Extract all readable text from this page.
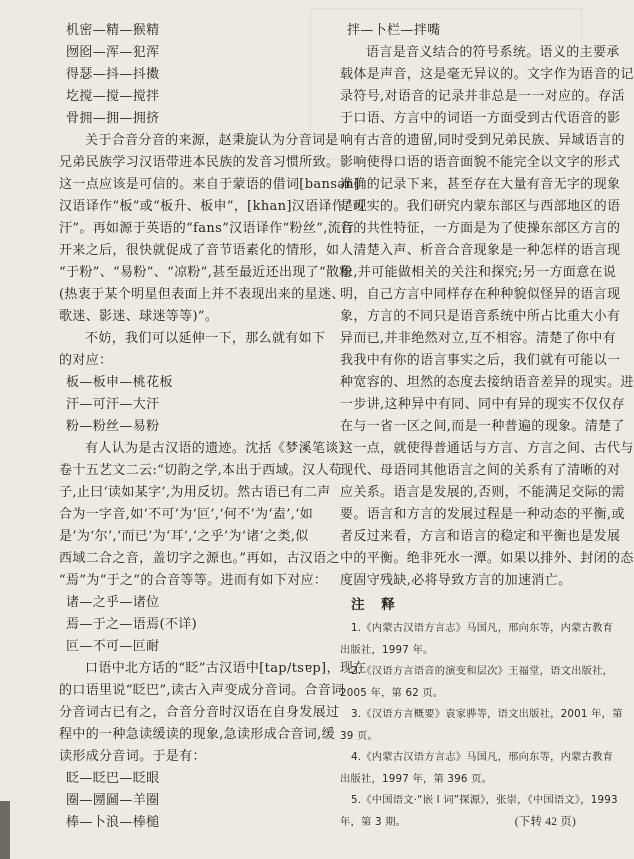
机密—精—猴精
囫囵—浑—犯浑
得瑟—抖—抖擞
圪搅—搅—搅拌
骨拥—拥—拥挤
关于合音分音的来源，赵秉旋认为分音词是
兄弟民族学习汉语带进本民族的发音习惯所致。
这一点应该是可信的。来自于蒙语的借词[bansən]
汉语译作“板”或“板升、板申”，[khan]汉语译作“可
汗”。再如源于英语的“fans”汉语译作“粉丝”,流行
开来之后，很快就促成了音节语素化的情形，如
“于粉”、“易粉”、“凉粉”,甚至最近还出现了“散粉
(热衷于某个明星但表面上并不表现出来的星迷、
歌迷、影迷、球迷等等)”。
不妨，我们可以延伸一下，那么就有如下
的对应：
板—板申—桃花板
汗—可汗—大汗
粉—粉丝—易粉
有人认为是古汉语的遗迹。沈括《梦溪笔谈》
卷十五艺文二云:“切韵之学,本出于西域。汉人苟
子,止曰‘读如某字’,为用反切。然古语已有二声
合为一字音,如‘不可’为‘叵’,‘何不’为‘盍’,‘如
是’为‘尔’,‘而已’为‘耳’,‘之乎’为‘诸’之类,似
西域二合之音，盖切字之源也。”再如，古汉语之
“焉”为“于之”的合音等等。进而有如下对应：
诸—之乎—诸位
焉—于之—语焉(不详)
叵—不可—叵耐
口语中北方话的“眨”古汉语中[tap/tsɐp]，现在
的口语里说“眨巴”,读古入声变成分音词。合音词
分音词古已有之，合音分音时汉语在自身发展过
程中的一种急读缓读的现象,急读形成合音词,缓
读形成分音词。于是有：
眨—眨巴—眨眼
圈—圐圙—羊圈
棒—卜浪—棒槌
拌—卜栏—拌嘴
语言是音义结合的符号系统。语义的主要承
载体是声音，这是毫无异议的。文字作为语音的记
录符号,对语音的记录并非总是一一对应的。存活
于口语、方言中的词语一方面受到古代语音的影
响有古音的遗留,同时受到兄弟民族、异域语言的
影响使得口语的语音面貌不能完全以文字的形式
准确的记录下来，甚至存在大量有音无字的现象
是现实的。我们研究内蒙东部区与西部地区的语
音的共性特征，一方面是为了使操东部区方言的
人清楚入声、析音合音现象是一种怎样的语言现
象,并可能做相关的关注和探究;另一方面意在说
明，自己方言中同样存在种种貌似怪异的语言现
象，方言的不同只是语音系统中所占比重大小有
异而已,并非绝然对立,互不相容。清楚了你中有
我我中有你的语言事实之后，我们就有可能以一
种宽容的、坦然的态度去接纳语音差异的现实。进
一步讲,这种异中有同、同中有异的现实不仅仅存
在与一省一区之间,而是一种普遍的现象。清楚了
这一点，就使得普通话与方言、方言之间、古代与
现代、母语同其他语言之间的关系有了清晰的对
应关系。语言是发展的,否则，不能满足交际的需
要。语言和方言的发展过程是一种动态的平衡,或
者反过来看，方言和语言的稳定和平衡也是发展
中的平衡。绝非死水一潭。如果以排外、封闭的态
度固守残缺,必将导致方言的加速消亡。
注 释
1.《内蒙古汉语方言志》马国凡，邢向东等，内蒙古教育
出版社，1997 年。
2.《汉语方言语音的演变和层次》王福堂，语文出版社，
2005 年，第 62 页。
3.《汉语方言概要》袁家骅等，语文出版社，2001 年，第
39 页。
4.《内蒙古汉语方言志》马国凡，邢向东等，内蒙古教育
出版社，1997 年，第 396 页。
5.《中国语文·“嵌 l 词”探源》，张崇，《中国语文》，1993
年，第 3 期。	(下转 42 页)
